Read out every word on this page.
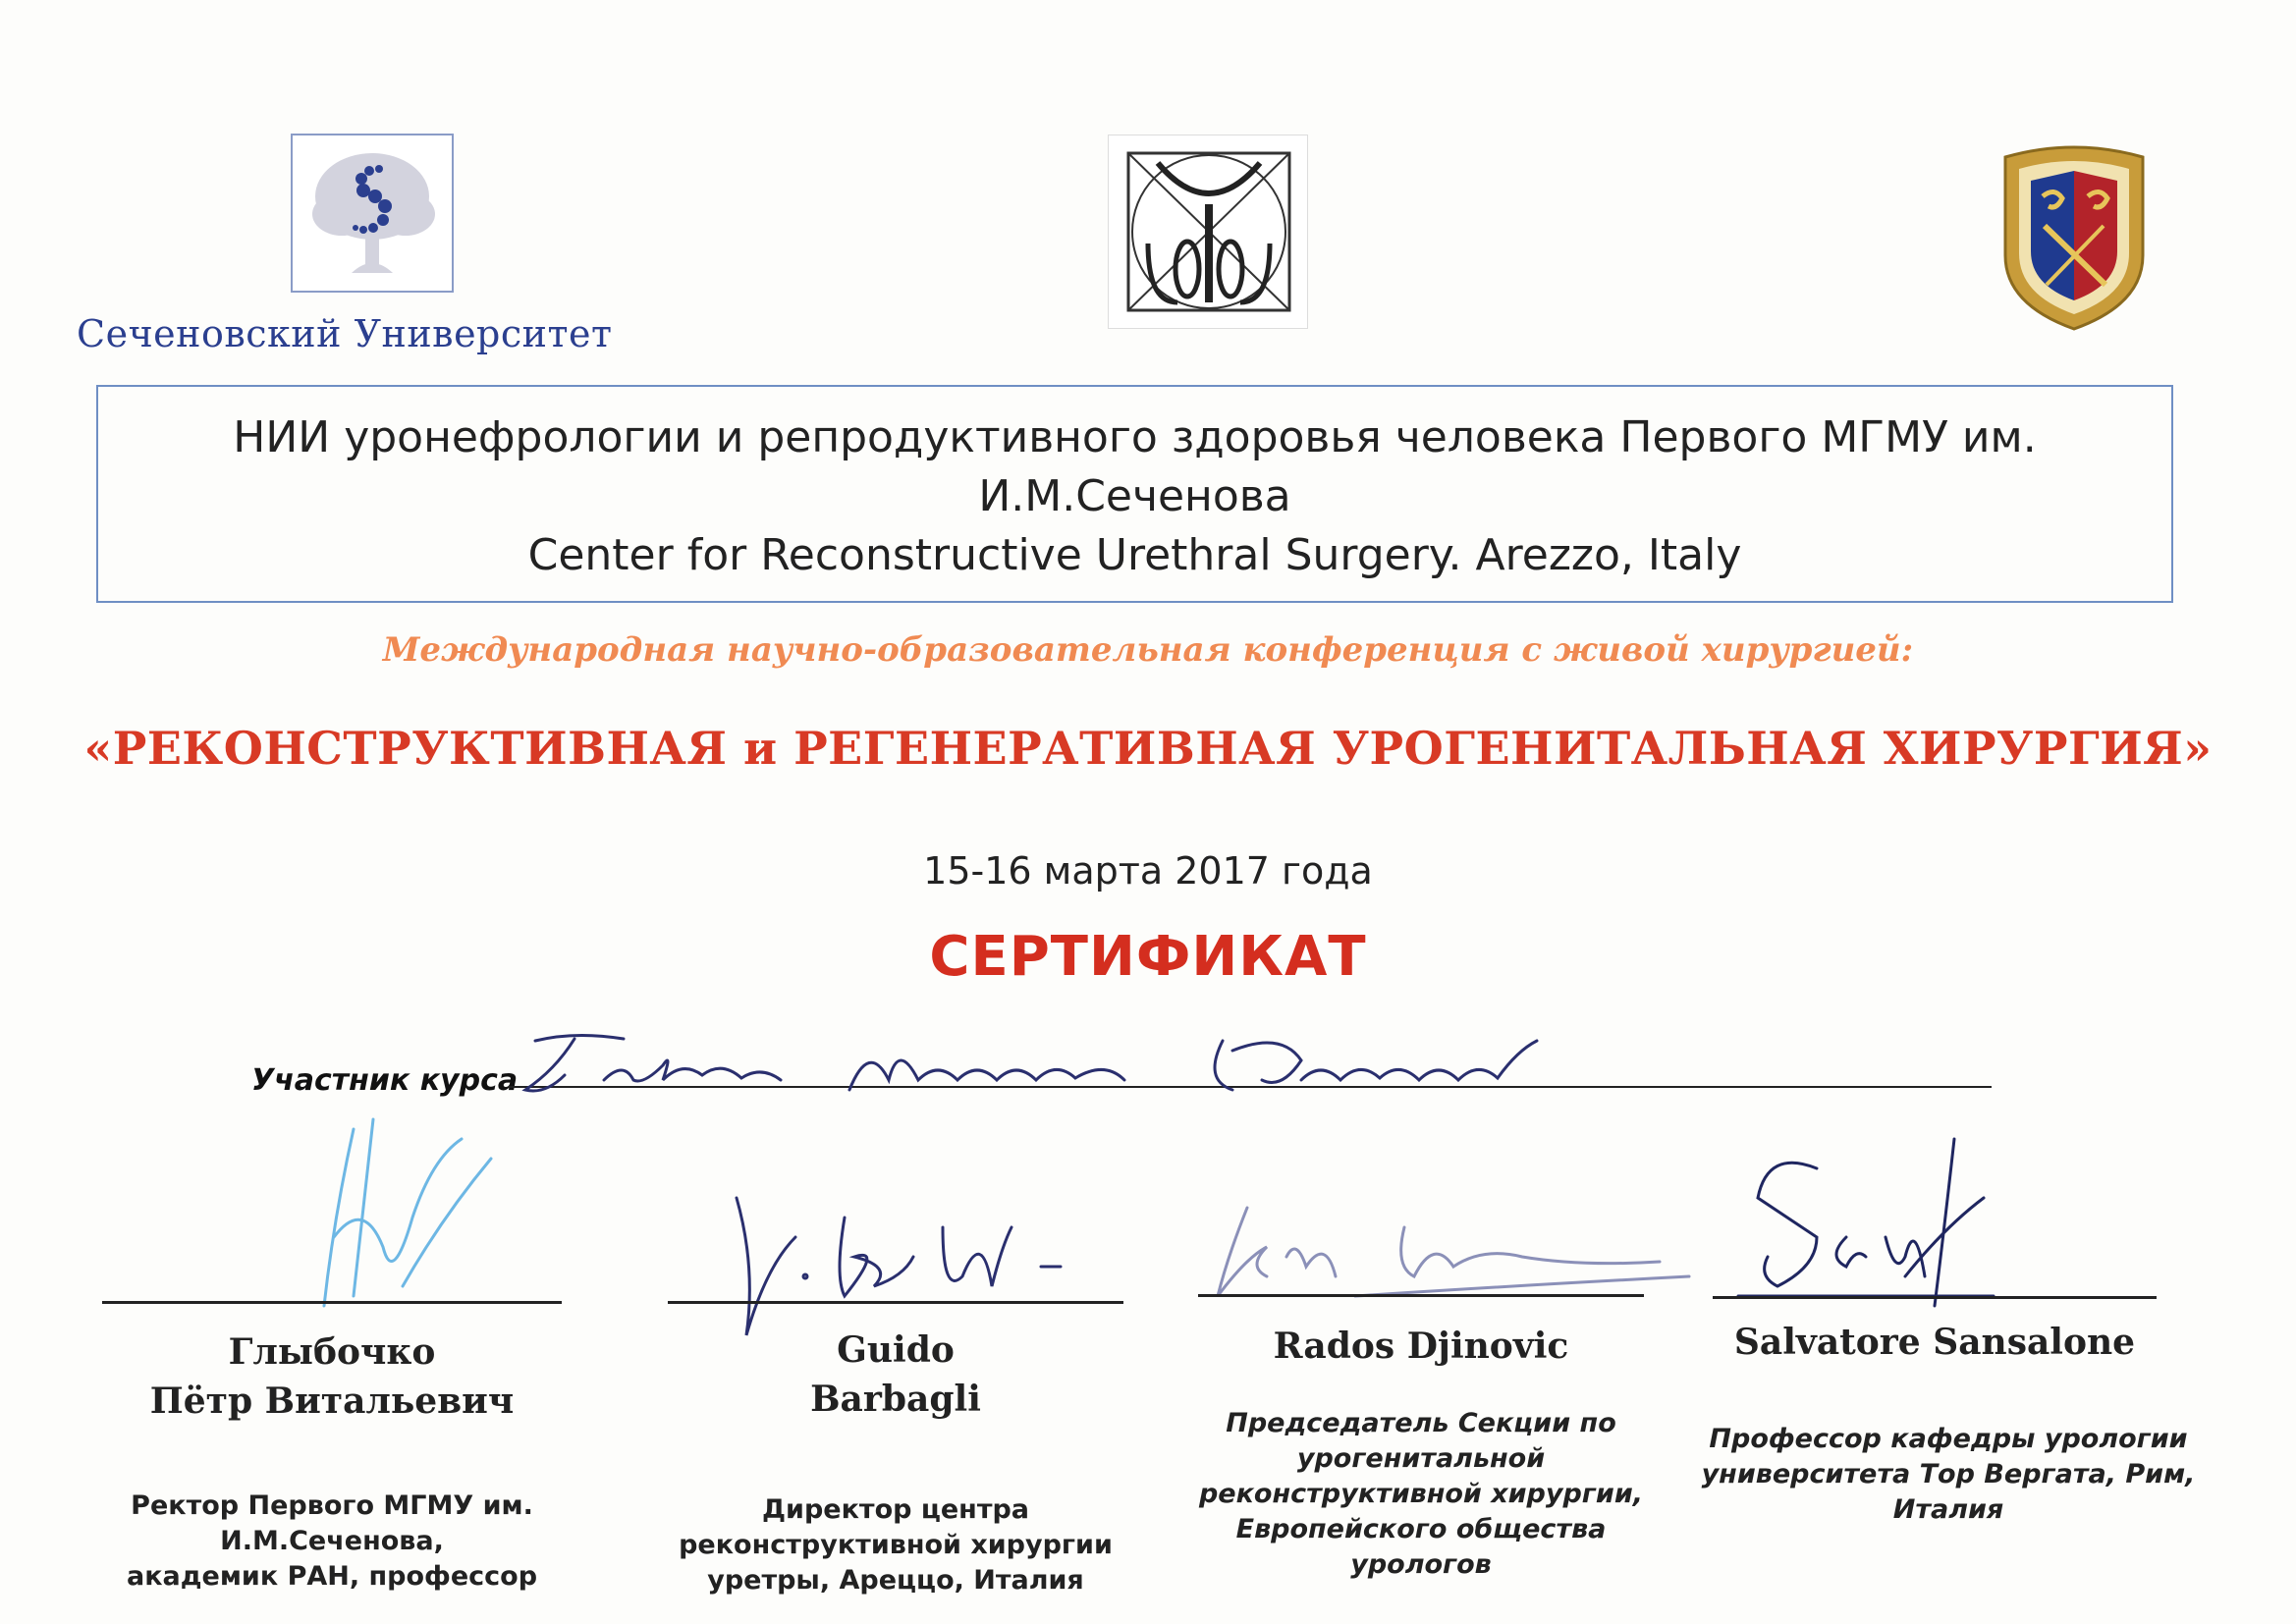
Сеченовский Университет
НИИ уронефрологии и репродуктивного здоровья человека Первого МГМУ им.
И.М.Сеченова
Center for Reconstructive Urethral Surgery. Arezzo, Italy
Международная научно-образовательная конференция с живой хирургией:
«РЕКОНСТРУКТИВНАЯ и РЕГЕНЕРАТИВНАЯ УРОГЕНИТАЛЬНАЯ ХИРУРГИЯ»
15-16 марта 2017 года
СЕРТИФИКАТ
Участник курса
Глыбочко
Пётр Витальевич
Ректор Первого МГМУ им.
И.М.Сеченова,
академик РАН, профессор
Guido
Barbagli
Директор центра
реконструктивной хирургии
уретры, Ареццо, Италия
Rados Djinovic
Председатель Секции по
урогенитальной
реконструктивной хирургии,
Европейского общества
урологов
Salvatore Sansalone
Профессор кафедры урологии
университета Тор Вергата, Рим,
Италия
